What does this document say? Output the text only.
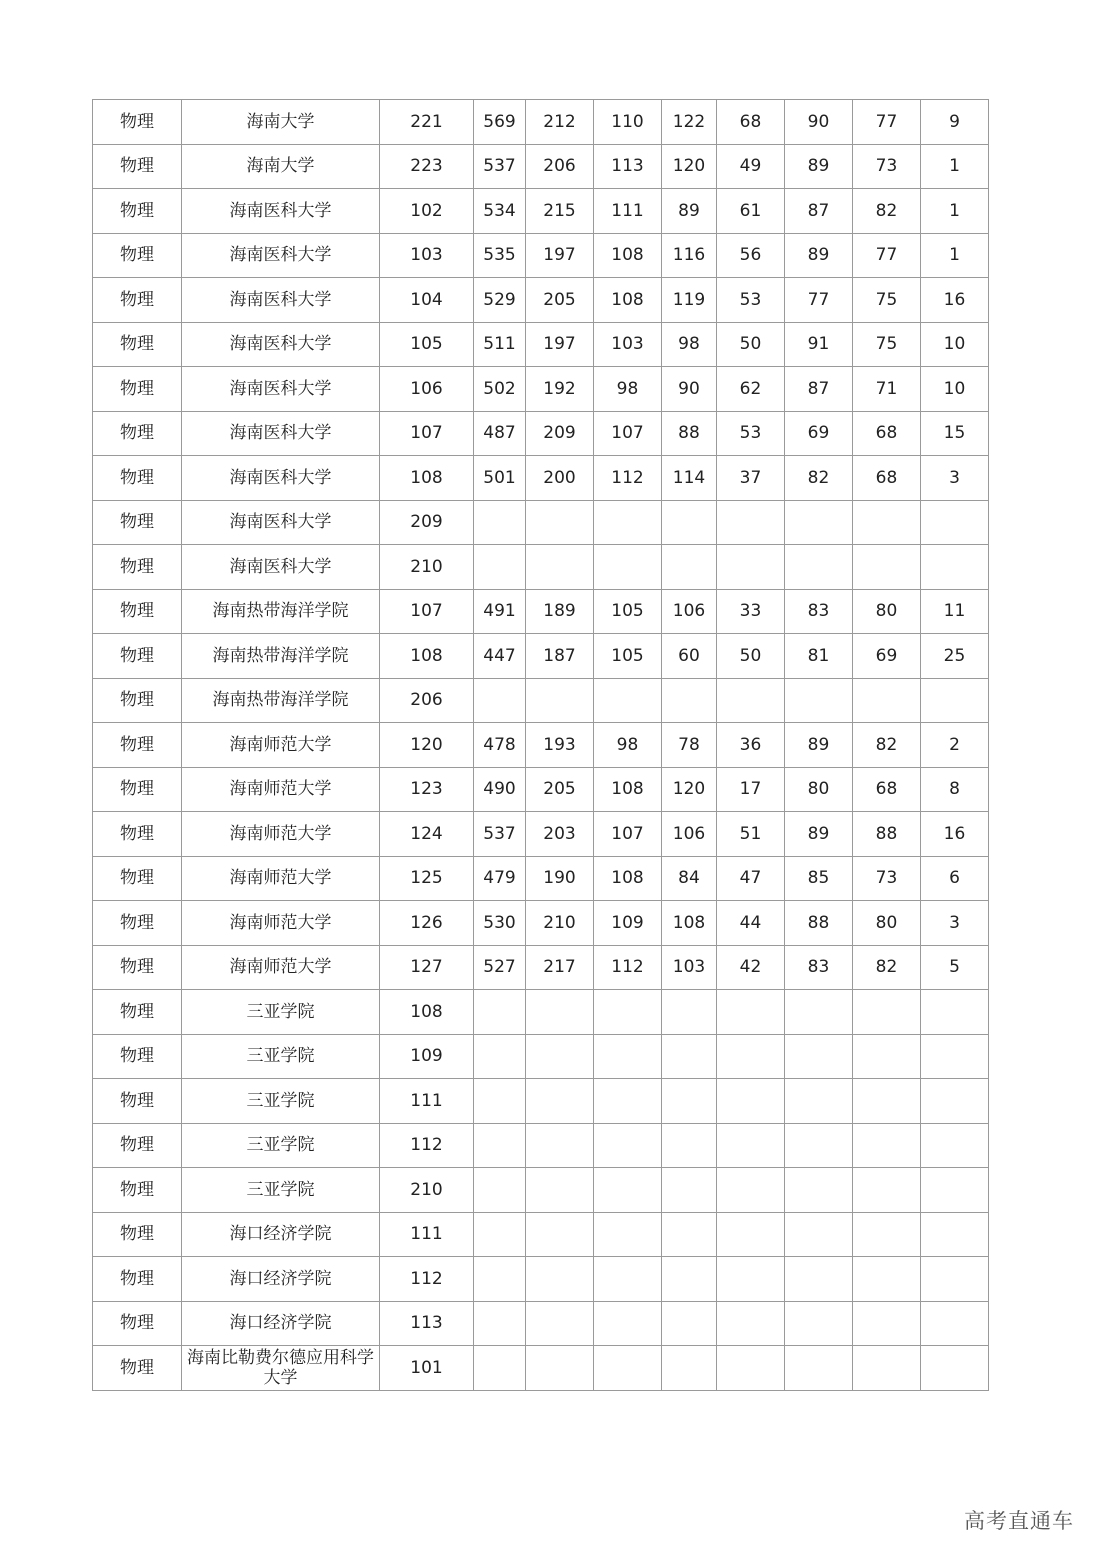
物理	海南大学	221	569	212	110	122	68	90	77	9
物理	海南大学	223	537	206	113	120	49	89	73	1
物理	海南医科大学	102	534	215	111	89	61	87	82	1
物理	海南医科大学	103	535	197	108	116	56	89	77	1
物理	海南医科大学	104	529	205	108	119	53	77	75	16
物理	海南医科大学	105	511	197	103	98	50	91	75	10
物理	海南医科大学	106	502	192	98	90	62	87	71	10
物理	海南医科大学	107	487	209	107	88	53	69	68	15
物理	海南医科大学	108	501	200	112	114	37	82	68	3
物理	海南医科大学	209								
物理	海南医科大学	210								
物理	海南热带海洋学院	107	491	189	105	106	33	83	80	11
物理	海南热带海洋学院	108	447	187	105	60	50	81	69	25
物理	海南热带海洋学院	206								
物理	海南师范大学	120	478	193	98	78	36	89	82	2
物理	海南师范大学	123	490	205	108	120	17	80	68	8
物理	海南师范大学	124	537	203	107	106	51	89	88	16
物理	海南师范大学	125	479	190	108	84	47	85	73	6
物理	海南师范大学	126	530	210	109	108	44	88	80	3
物理	海南师范大学	127	527	217	112	103	42	83	82	5
物理	三亚学院	108								
物理	三亚学院	109								
物理	三亚学院	111								
物理	三亚学院	112								
物理	三亚学院	210								
物理	海口经济学院	111								
物理	海口经济学院	112								
物理	海口经济学院	113								
物理	海南比勒费尔德应用科学大学	101								
高考直通车
